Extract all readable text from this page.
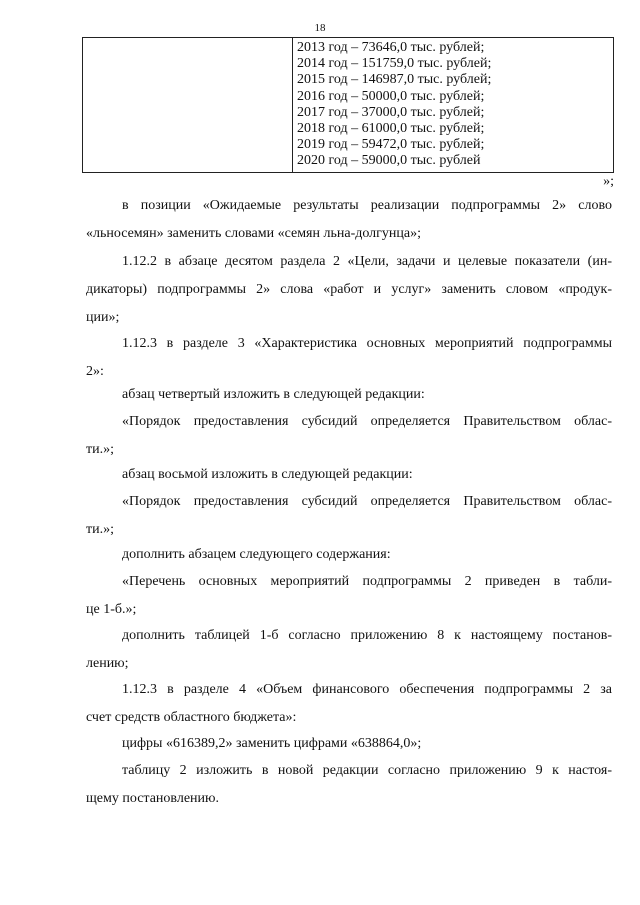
18
2013 год – 73646,0 тыс. рублей;
2014 год – 151759,0 тыс. рублей;
2015 год – 146987,0 тыс. рублей;
2016 год – 50000,0 тыс. рублей;
2017 год – 37000,0 тыс. рублей;
2018 год – 61000,0 тыс. рублей;
2019 год – 59472,0 тыс. рублей;
2020 год – 59000,0 тыс. рублей
»;
в позиции «Ожидаемые результаты реализации подпрограммы 2» слово
«льносемян» заменить словами «семян льна-долгунца»;
1.12.2 в абзаце десятом раздела 2 «Цели, задачи и целевые показатели (ин-
дикаторы) подпрограммы 2» слова «работ и услуг» заменить словом «продук-
ции»;
1.12.3 в разделе 3 «Характеристика основных мероприятий подпрограммы
2»:
абзац четвертый изложить в следующей редакции:
«Порядок предоставления субсидий определяется Правительством облас-
ти.»;
абзац восьмой изложить в следующей редакции:
«Порядок предоставления субсидий определяется Правительством облас-
ти.»;
дополнить абзацем следующего содержания:
«Перечень основных мероприятий подпрограммы 2 приведен в табли-
це 1-б.»;
дополнить таблицей 1-б согласно приложению 8 к настоящему постанов-
лению;
1.12.3 в разделе 4 «Объем финансового обеспечения подпрограммы 2 за
счет средств областного бюджета»:
цифры «616389,2» заменить цифрами «638864,0»;
таблицу 2 изложить в новой редакции согласно приложению 9 к настоя-
щему постановлению.
